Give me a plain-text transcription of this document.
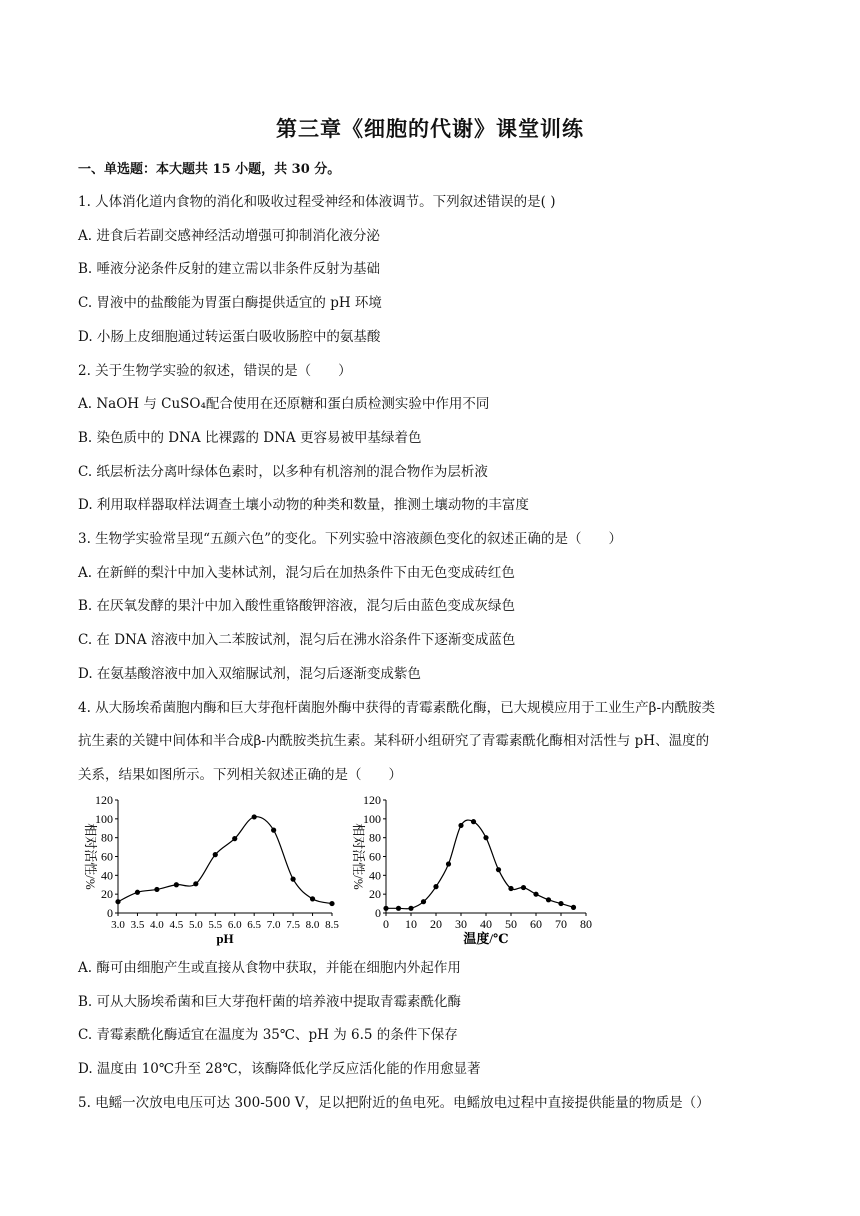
第三章《细胞的代谢》课堂训练
一、单选题：本大题共 15 小题，共 30 分。
1. 人体消化道内食物的消化和吸收过程受神经和体液调节。下列叙述错误的是( )
A. 进食后若副交感神经活动增强可抑制消化液分泌
B. 唾液分泌条件反射的建立需以非条件反射为基础
C. 胃液中的盐酸能为胃蛋白酶提供适宜的 pH 环境
D. 小肠上皮细胞通过转运蛋白吸收肠腔中的氨基酸
2. 关于生物学实验的叙述，错误的是（　　）
A. NaOH 与 CuSO₄配合使用在还原糖和蛋白质检测实验中作用不同
B. 染色质中的 DNA 比裸露的 DNA 更容易被甲基绿着色
C. 纸层析法分离叶绿体色素时，以多种有机溶剂的混合物作为层析液
D. 利用取样器取样法调查土壤小动物的种类和数量，推测土壤动物的丰富度
3. 生物学实验常呈现“五颜六色”的变化。下列实验中溶液颜色变化的叙述正确的是（　　）
A. 在新鲜的梨汁中加入斐林试剂，混匀后在加热条件下由无色变成砖红色
B. 在厌氧发酵的果汁中加入酸性重铬酸钾溶液，混匀后由蓝色变成灰绿色
C. 在 DNA 溶液中加入二苯胺试剂，混匀后在沸水浴条件下逐渐变成蓝色
D. 在氨基酸溶液中加入双缩脲试剂，混匀后逐渐变成紫色
4. 从大肠埃希菌胞内酶和巨大芽孢杆菌胞外酶中获得的青霉素酰化酶，已大规模应用于工业生产β-内酰胺类
抗生素的关键中间体和半合成β-内酰胺类抗生素。某科研小组研究了青霉素酰化酶相对活性与 pH、温度的
关系，结果如图所示。下列相关叙述正确的是（　　）
0
20
40
60
80
100
120
3.0 3.5 4.0 4.5 5.0 5.5 6.0 6.5 7.0 7.5 8.0 8.5
pH
相对活性/%
0
20
40
60
80
100
120
0 10 20 30 40 50 60 70 80
温度/℃
相对活性/%
A. 酶可由细胞产生或直接从食物中获取，并能在细胞内外起作用
B. 可从大肠埃希菌和巨大芽孢杆菌的培养液中提取青霉素酰化酶
C. 青霉素酰化酶适宜在温度为 35℃、pH 为 6.5 的条件下保存
D. 温度由 10℃升至 28℃，该酶降低化学反应活化能的作用愈显著
5. 电鳐一次放电电压可达 300-500 V，足以把附近的鱼电死。电鳐放电过程中直接提供能量的物质是（）
